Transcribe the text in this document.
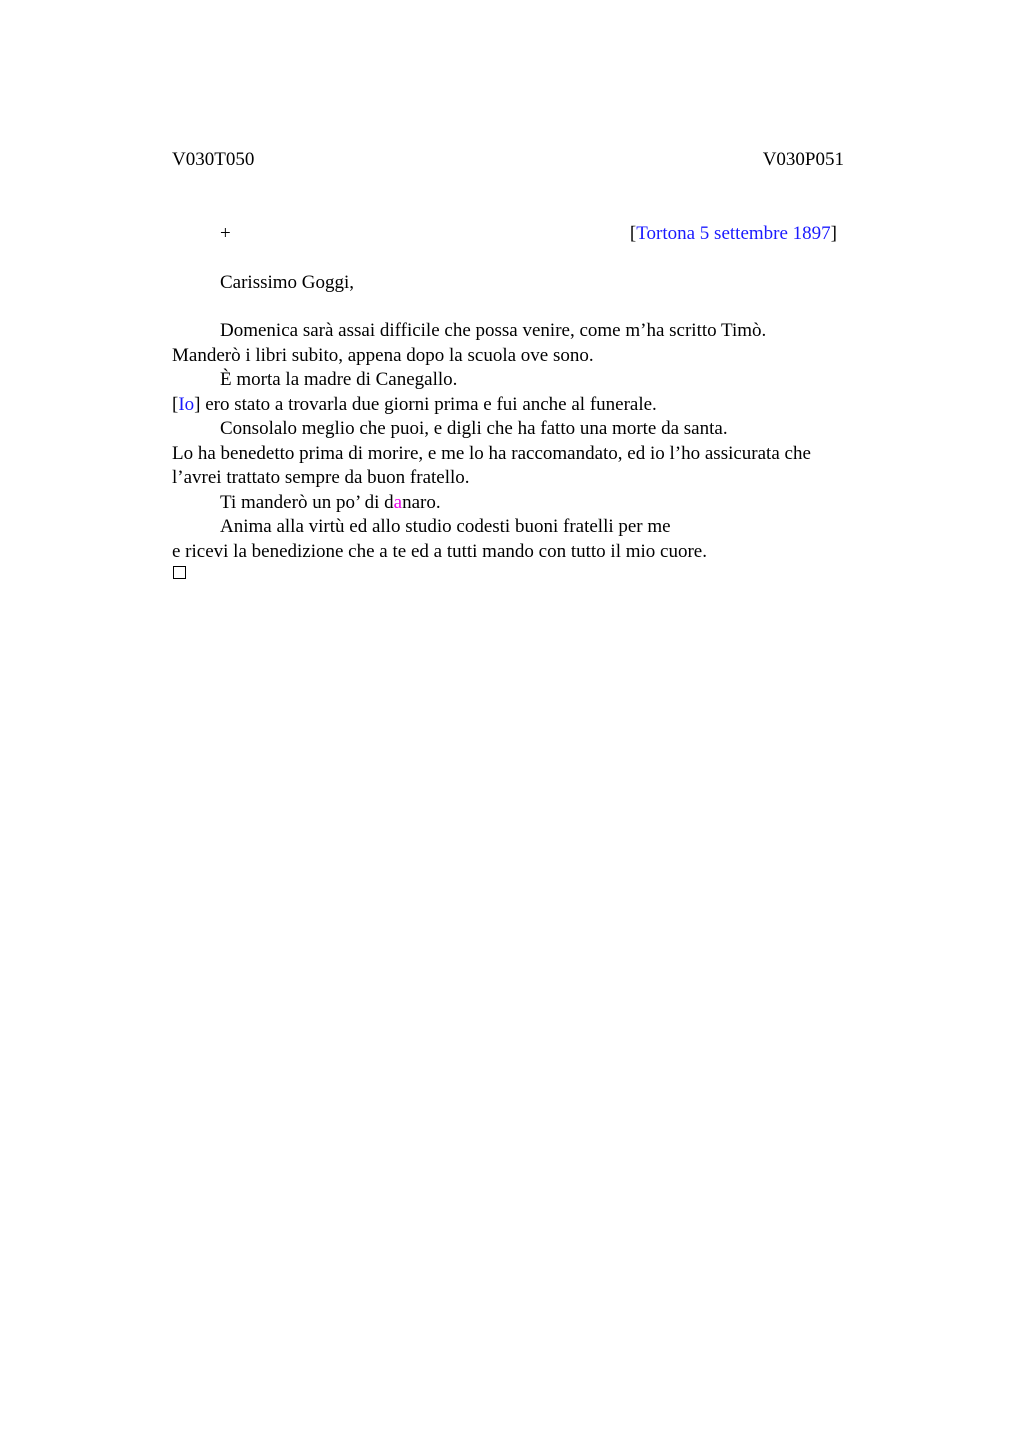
V030T050	V030P051
+	[Tortona 5 settembre 1897]
Carissimo Goggi,
Domenica sarà assai difficile che possa venire, come m’ha scritto Timò.
Manderò i libri subito, appena dopo la scuola ove sono.
È morta la madre di Canegallo.
[Io] ero stato a trovarla due giorni prima e fui anche al funerale.
Consolalo meglio che puoi, e digli che ha fatto una morte da santa.
Lo ha benedetto prima di morire, e me lo ha raccomandato, ed io l’ho assicurata che
l’avrei trattato sempre da buon fratello.
Ti manderò un po’ di danaro.
Anima alla virtù ed allo studio codesti buoni fratelli per me
e ricevi la benedizione che a te ed a tutti mando con tutto il mio cuore.
